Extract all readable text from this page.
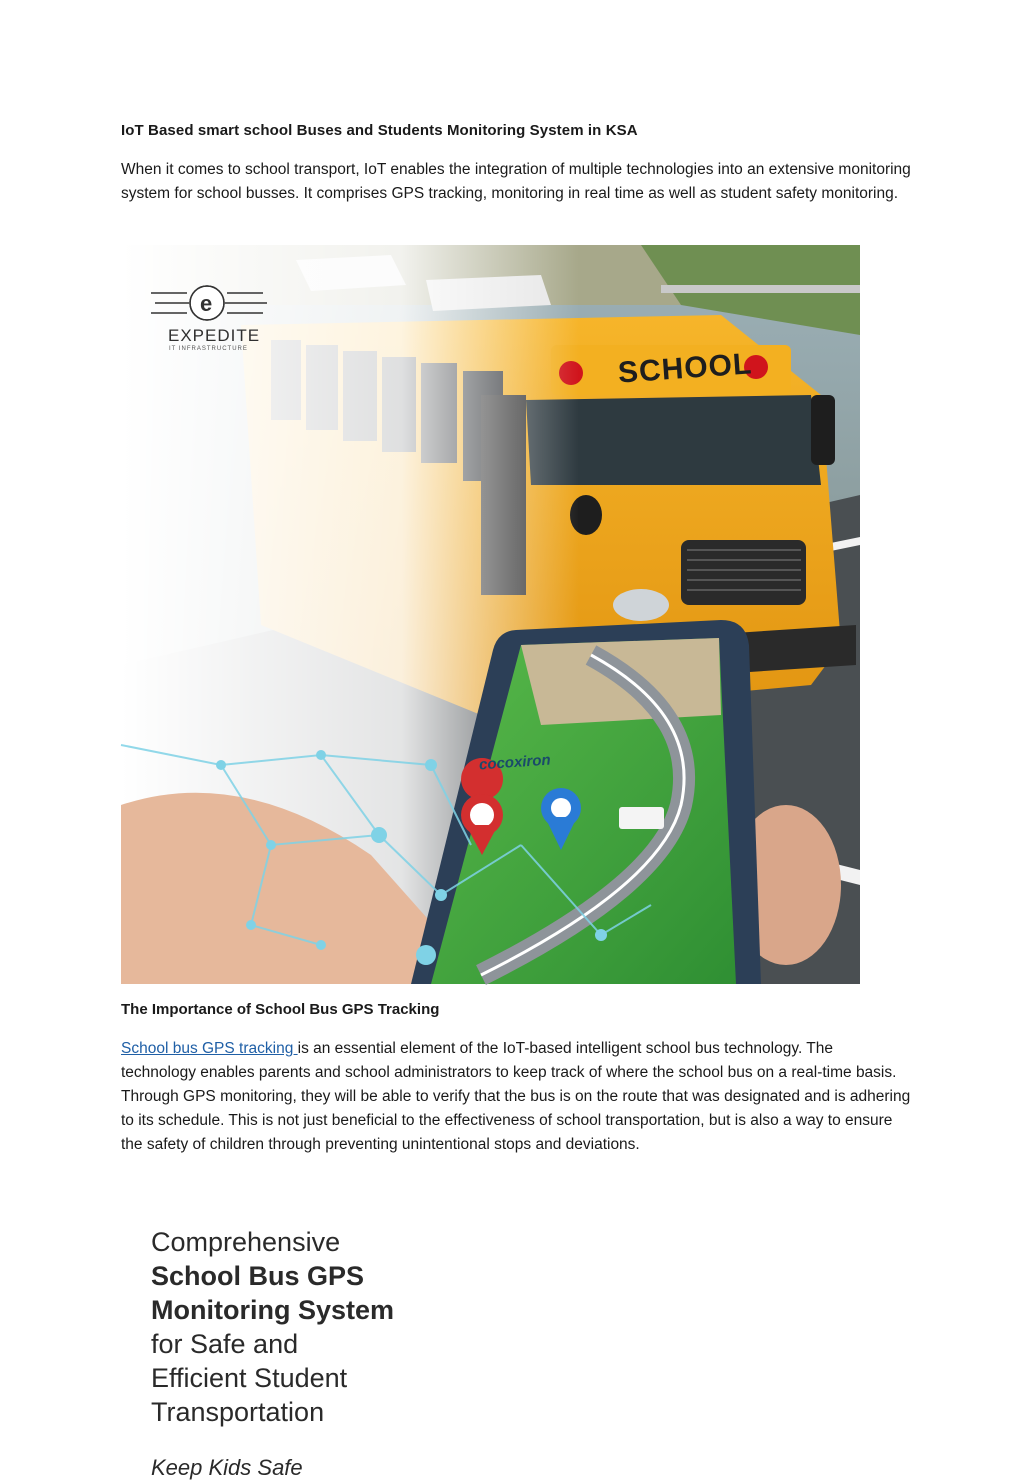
IoT Based smart school Buses and Students Monitoring System in KSA
When it comes to school transport, IoT enables the integration of multiple technologies into an extensive monitoring system for school busses. It comprises GPS tracking, monitoring in real time as well as student safety monitoring.
e
EXPEDITE
IT INFRASTRUCTURE	SCHOOL
cocoxiron
Comprehensive
School Bus GPS
Monitoring System
for Safe and
Efficient Student
Transportation
Keep Kids Safe
The Importance of School Bus GPS Tracking
School bus GPS tracking is an essential element of the IoT-based intelligent school bus technology. The technology enables parents and school administrators to keep track of where the school bus on a real-time basis. Through GPS monitoring, they will be able to verify that the bus is on the route that was designated and is adhering to its schedule. This is not just beneficial to the effectiveness of school transportation, but is also a way to ensure the safety of children through preventing unintentional stops and deviations.
